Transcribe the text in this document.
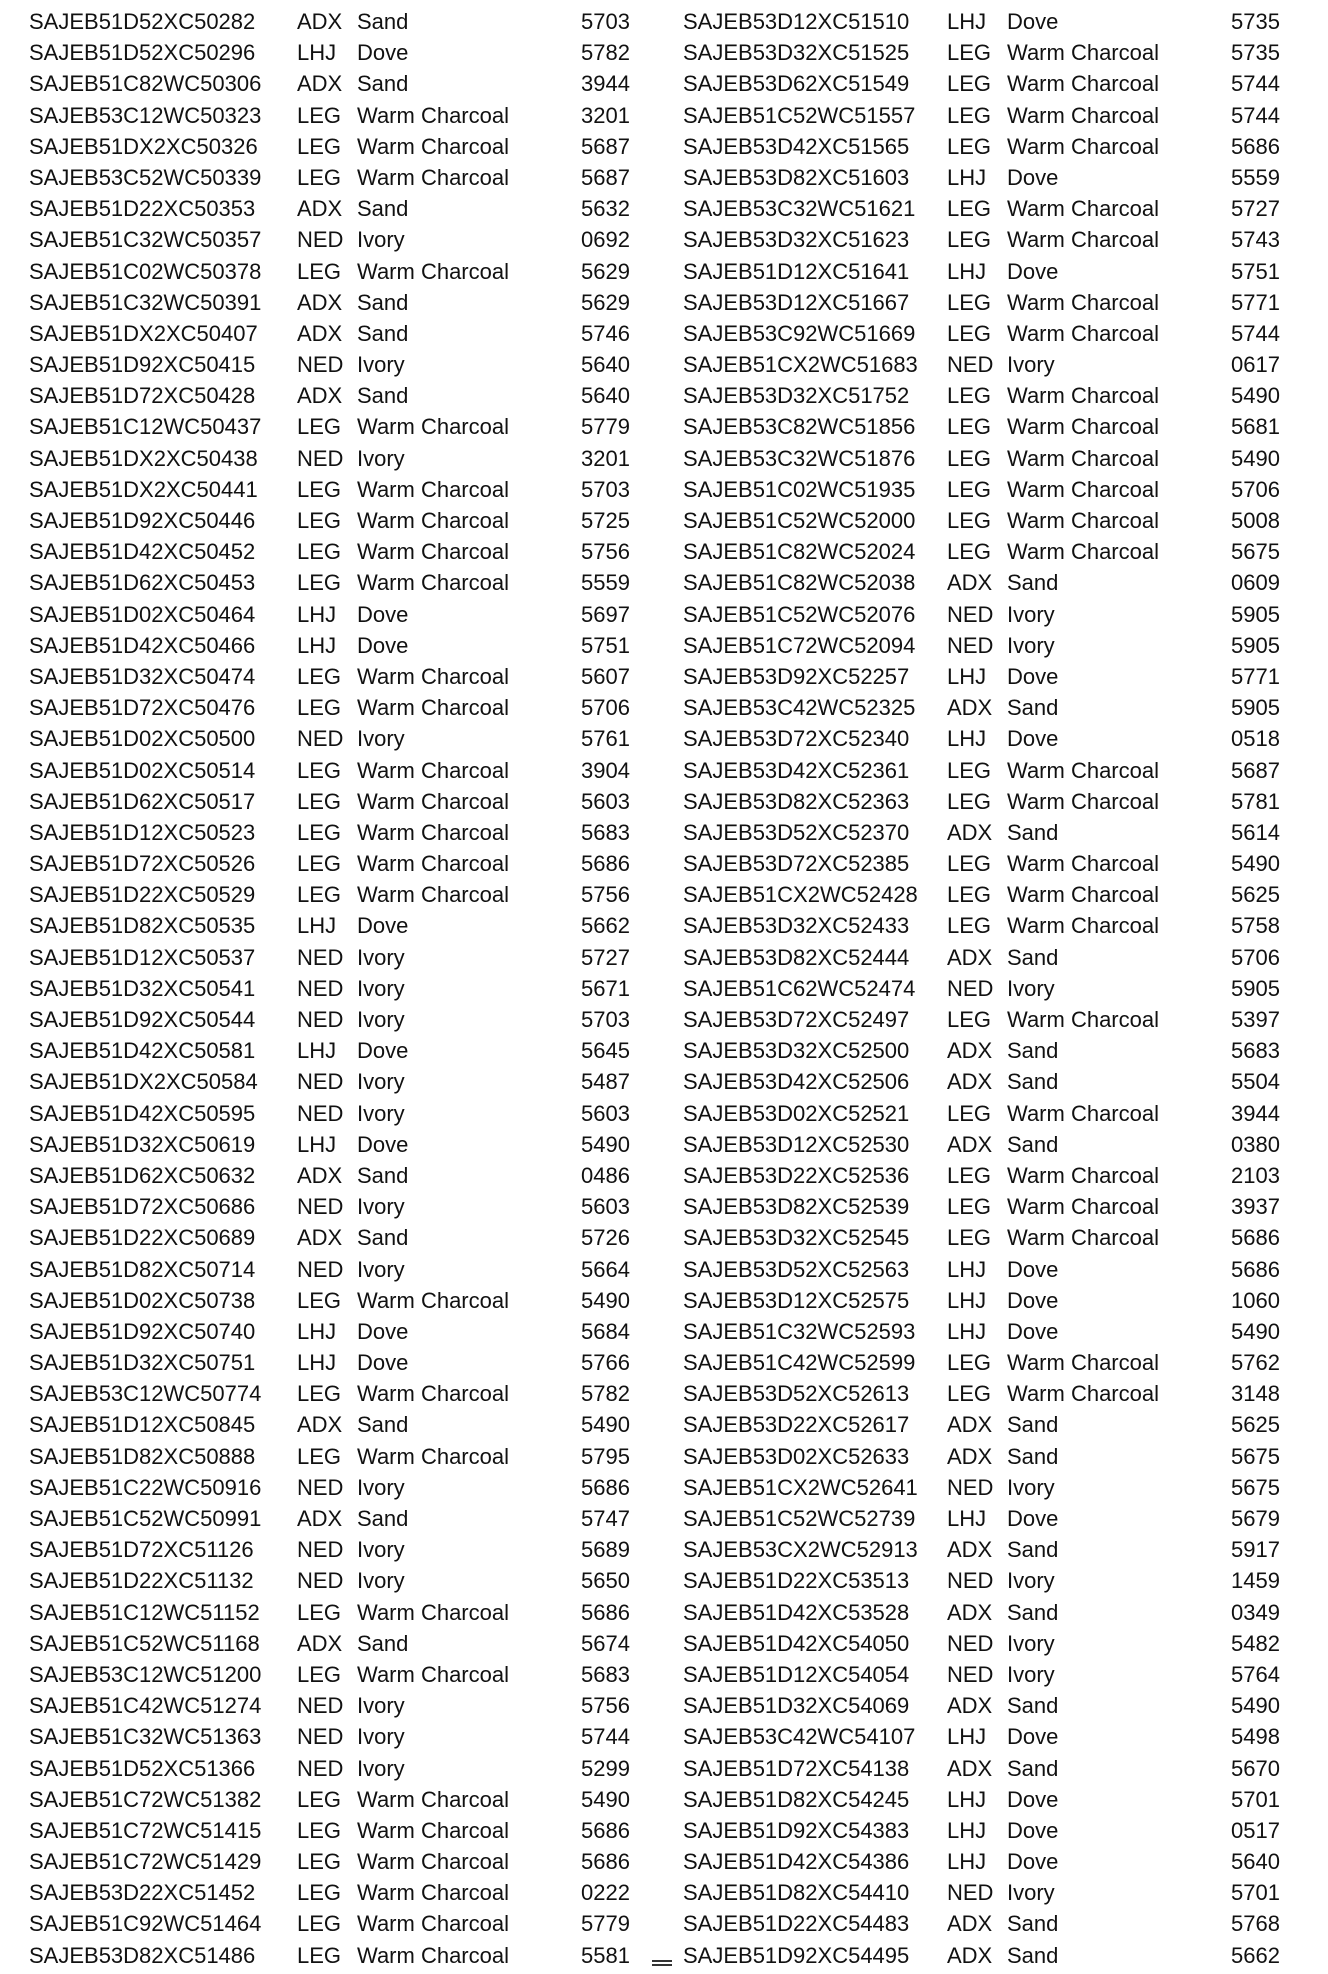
SAJEB51D52XC50282 ADX Sand	5703
SAJEB51D52XC50296 LHJ Dove	5782
SAJEB51C82WC50306 ADX Sand	3944
SAJEB53C12WC50323 LEG Warm Charcoal	3201
SAJEB51DX2XC50326 LEG Warm Charcoal	5687
SAJEB53C52WC50339 LEG Warm Charcoal	5687
SAJEB51D22XC50353 ADX Sand	5632
SAJEB51C32WC50357 NED Ivory	0692
SAJEB51C02WC50378 LEG Warm Charcoal	5629
SAJEB51C32WC50391 ADX Sand	5629
SAJEB51DX2XC50407 ADX Sand	5746
SAJEB51D92XC50415 NED Ivory	5640
SAJEB51D72XC50428 ADX Sand	5640
SAJEB51C12WC50437 LEG Warm Charcoal	5779
SAJEB51DX2XC50438 NED Ivory	3201
SAJEB51DX2XC50441 LEG Warm Charcoal	5703
SAJEB51D92XC50446 LEG Warm Charcoal	5725
SAJEB51D42XC50452 LEG Warm Charcoal	5756
SAJEB51D62XC50453 LEG Warm Charcoal	5559
SAJEB51D02XC50464 LHJ Dove	5697
SAJEB51D42XC50466 LHJ Dove	5751
SAJEB51D32XC50474 LEG Warm Charcoal	5607
SAJEB51D72XC50476 LEG Warm Charcoal	5706
SAJEB51D02XC50500 NED Ivory	5761
SAJEB51D02XC50514 LEG Warm Charcoal	3904
SAJEB51D62XC50517 LEG Warm Charcoal	5603
SAJEB51D12XC50523 LEG Warm Charcoal	5683
SAJEB51D72XC50526 LEG Warm Charcoal	5686
SAJEB51D22XC50529 LEG Warm Charcoal	5756
SAJEB51D82XC50535 LHJ Dove	5662
SAJEB51D12XC50537 NED Ivory	5727
SAJEB51D32XC50541 NED Ivory	5671
SAJEB51D92XC50544 NED Ivory	5703
SAJEB51D42XC50581 LHJ Dove	5645
SAJEB51DX2XC50584 NED Ivory	5487
SAJEB51D42XC50595 NED Ivory	5603
SAJEB51D32XC50619 LHJ Dove	5490
SAJEB51D62XC50632 ADX Sand	0486
SAJEB51D72XC50686 NED Ivory	5603
SAJEB51D22XC50689 ADX Sand	5726
SAJEB51D82XC50714 NED Ivory	5664
SAJEB51D02XC50738 LEG Warm Charcoal	5490
SAJEB51D92XC50740 LHJ Dove	5684
SAJEB51D32XC50751 LHJ Dove	5766
SAJEB53C12WC50774 LEG Warm Charcoal	5782
SAJEB51D12XC50845 ADX Sand	5490
SAJEB51D82XC50888 LEG Warm Charcoal	5795
SAJEB51C22WC50916 NED Ivory	5686
SAJEB51C52WC50991 ADX Sand	5747
SAJEB51D72XC51126 NED Ivory	5689
SAJEB51D22XC51132 NED Ivory	5650
SAJEB51C12WC51152 LEG Warm Charcoal	5686
SAJEB51C52WC51168 ADX Sand	5674
SAJEB53C12WC51200 LEG Warm Charcoal	5683
SAJEB51C42WC51274 NED Ivory	5756
SAJEB51C32WC51363 NED Ivory	5744
SAJEB51D52XC51366 NED Ivory	5299
SAJEB51C72WC51382 LEG Warm Charcoal	5490
SAJEB51C72WC51415 LEG Warm Charcoal	5686
SAJEB51C72WC51429 LEG Warm Charcoal	5686
SAJEB53D22XC51452 LEG Warm Charcoal	0222
SAJEB51C92WC51464 LEG Warm Charcoal	5779
SAJEB53D82XC51486 LEG Warm Charcoal	5581
SAJEB53D12XC51510 LHJ Dove	5735
SAJEB53D32XC51525 LEG Warm Charcoal	5735
SAJEB53D62XC51549 LEG Warm Charcoal	5744
SAJEB51C52WC51557 LEG Warm Charcoal	5744
SAJEB53D42XC51565 LEG Warm Charcoal	5686
SAJEB53D82XC51603 LHJ Dove	5559
SAJEB53C32WC51621 LEG Warm Charcoal	5727
SAJEB53D32XC51623 LEG Warm Charcoal	5743
SAJEB51D12XC51641 LHJ Dove	5751
SAJEB53D12XC51667 LEG Warm Charcoal	5771
SAJEB53C92WC51669 LEG Warm Charcoal	5744
SAJEB51CX2WC51683 NED Ivory	0617
SAJEB53D32XC51752 LEG Warm Charcoal	5490
SAJEB53C82WC51856 LEG Warm Charcoal	5681
SAJEB53C32WC51876 LEG Warm Charcoal	5490
SAJEB51C02WC51935 LEG Warm Charcoal	5706
SAJEB51C52WC52000 LEG Warm Charcoal	5008
SAJEB51C82WC52024 LEG Warm Charcoal	5675
SAJEB51C82WC52038 ADX Sand	0609
SAJEB51C52WC52076 NED Ivory	5905
SAJEB51C72WC52094 NED Ivory	5905
SAJEB53D92XC52257 LHJ Dove	5771
SAJEB53C42WC52325 ADX Sand	5905
SAJEB53D72XC52340 LHJ Dove	0518
SAJEB53D42XC52361 LEG Warm Charcoal	5687
SAJEB53D82XC52363 LEG Warm Charcoal	5781
SAJEB53D52XC52370 ADX Sand	5614
SAJEB53D72XC52385 LEG Warm Charcoal	5490
SAJEB51CX2WC52428 LEG Warm Charcoal	5625
SAJEB53D32XC52433 LEG Warm Charcoal	5758
SAJEB53D82XC52444 ADX Sand	5706
SAJEB51C62WC52474 NED Ivory	5905
SAJEB53D72XC52497 LEG Warm Charcoal	5397
SAJEB53D32XC52500 ADX Sand	5683
SAJEB53D42XC52506 ADX Sand	5504
SAJEB53D02XC52521 LEG Warm Charcoal	3944
SAJEB53D12XC52530 ADX Sand	0380
SAJEB53D22XC52536 LEG Warm Charcoal	2103
SAJEB53D82XC52539 LEG Warm Charcoal	3937
SAJEB53D32XC52545 LEG Warm Charcoal	5686
SAJEB53D52XC52563 LHJ Dove	5686
SAJEB53D12XC52575 LHJ Dove	1060
SAJEB51C32WC52593 LHJ Dove	5490
SAJEB51C42WC52599 LEG Warm Charcoal	5762
SAJEB53D52XC52613 LEG Warm Charcoal	3148
SAJEB53D22XC52617 ADX Sand	5625
SAJEB53D02XC52633 ADX Sand	5675
SAJEB51CX2WC52641 NED Ivory	5675
SAJEB51C52WC52739 LHJ Dove	5679
SAJEB53CX2WC52913 ADX Sand	5917
SAJEB51D22XC53513 NED Ivory	1459
SAJEB51D42XC53528 ADX Sand	0349
SAJEB51D42XC54050 NED Ivory	5482
SAJEB51D12XC54054 NED Ivory	5764
SAJEB51D32XC54069 ADX Sand	5490
SAJEB53C42WC54107 LHJ Dove	5498
SAJEB51D72XC54138 ADX Sand	5670
SAJEB51D82XC54245 LHJ Dove	5701
SAJEB51D92XC54383 LHJ Dove	0517
SAJEB51D42XC54386 LHJ Dove	5640
SAJEB51D82XC54410 NED Ivory	5701
SAJEB51D22XC54483 ADX Sand	5768
SAJEB51D92XC54495 ADX Sand	5662
